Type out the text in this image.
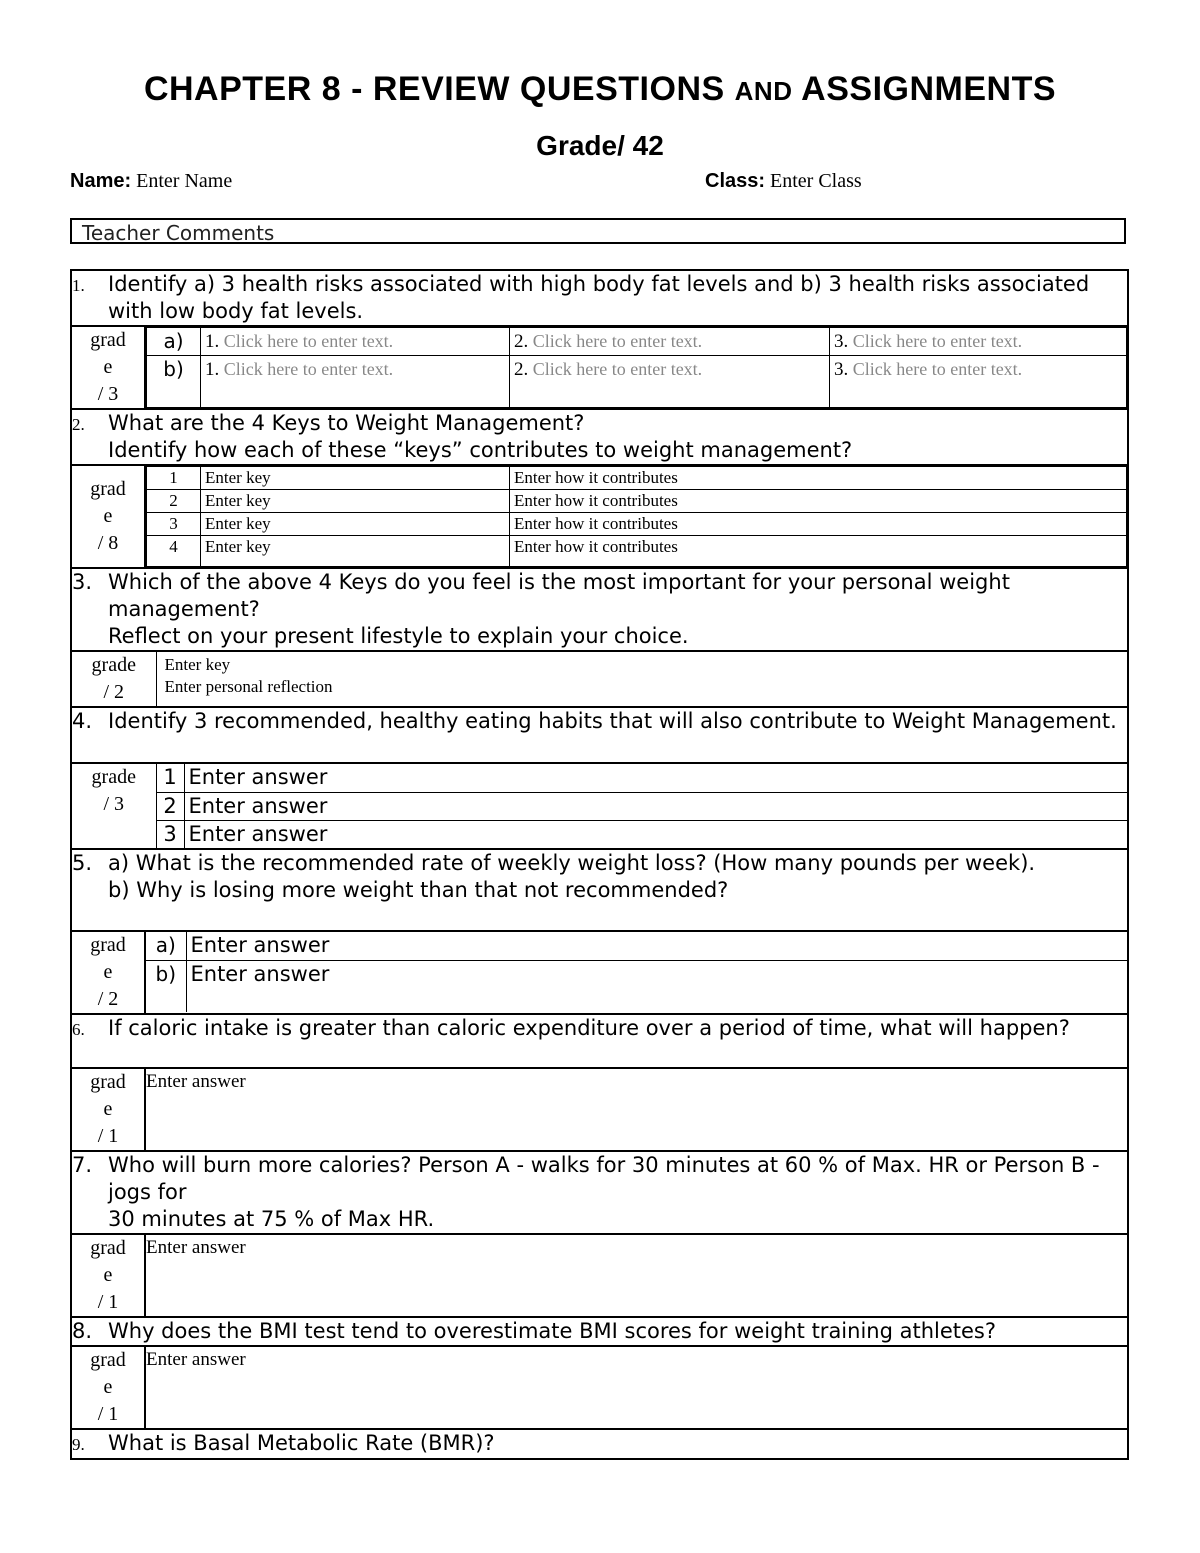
CHAPTER 8 - REVIEW QUESTIONS AND ASSIGNMENTS
Grade/ 42
Name: Enter Name	Class: Enter Class
Teacher Comments
1. Identify a) 3 health risks associated with high body fat levels and b) 3 health risks associated with low body fat levels.

grad
e
/ 3

a)	1. Click here to enter text.	2. Click here to enter text.	3. Click here to enter text.
b)	1. Click here to enter text.	2. Click here to enter text.	3. Click here to enter text.

2. What are the 4 Keys to Weight Management?
Identify how each of these “keys” contributes to weight management?

grad
e
/ 8

1	Enter key	Enter how it contributes
2	Enter key	Enter how it contributes
3	Enter key	Enter how it contributes
4	Enter key	Enter how it contributes

3. Which of the above 4 Keys do you feel is the most important for your personal weight management?
Reflect on your present lifestyle to explain your choice.

grade
/ 2

Enter key
Enter personal reflection

4. Identify 3 recommended, healthy eating habits that will also contribute to Weight Management.

grade
/ 3
	1	Enter answer
2	Enter answer
3	Enter answer

5. a) What is the recommended rate of weekly weight loss? (How many pounds per week).
b) Why is losing more weight than that not recommended?

grad
e
/ 2

a)	Enter answer
b)	Enter answer

6. If caloric intake is greater than caloric expenditure over a period of time, what will happen?

grad
e
/ 1
	Enter answer
7. Who will burn more calories? Person A - walks for 30 minutes at 60 % of Max. HR or Person B - jogs for
30 minutes at 75 % of Max HR.

grad
e
/ 1
	Enter answer
8. Why does the BMI test tend to overestimate BMI scores for weight training athletes?

grad
e
/ 1
	Enter answer
9. What is Basal Metabolic Rate (BMR)?
